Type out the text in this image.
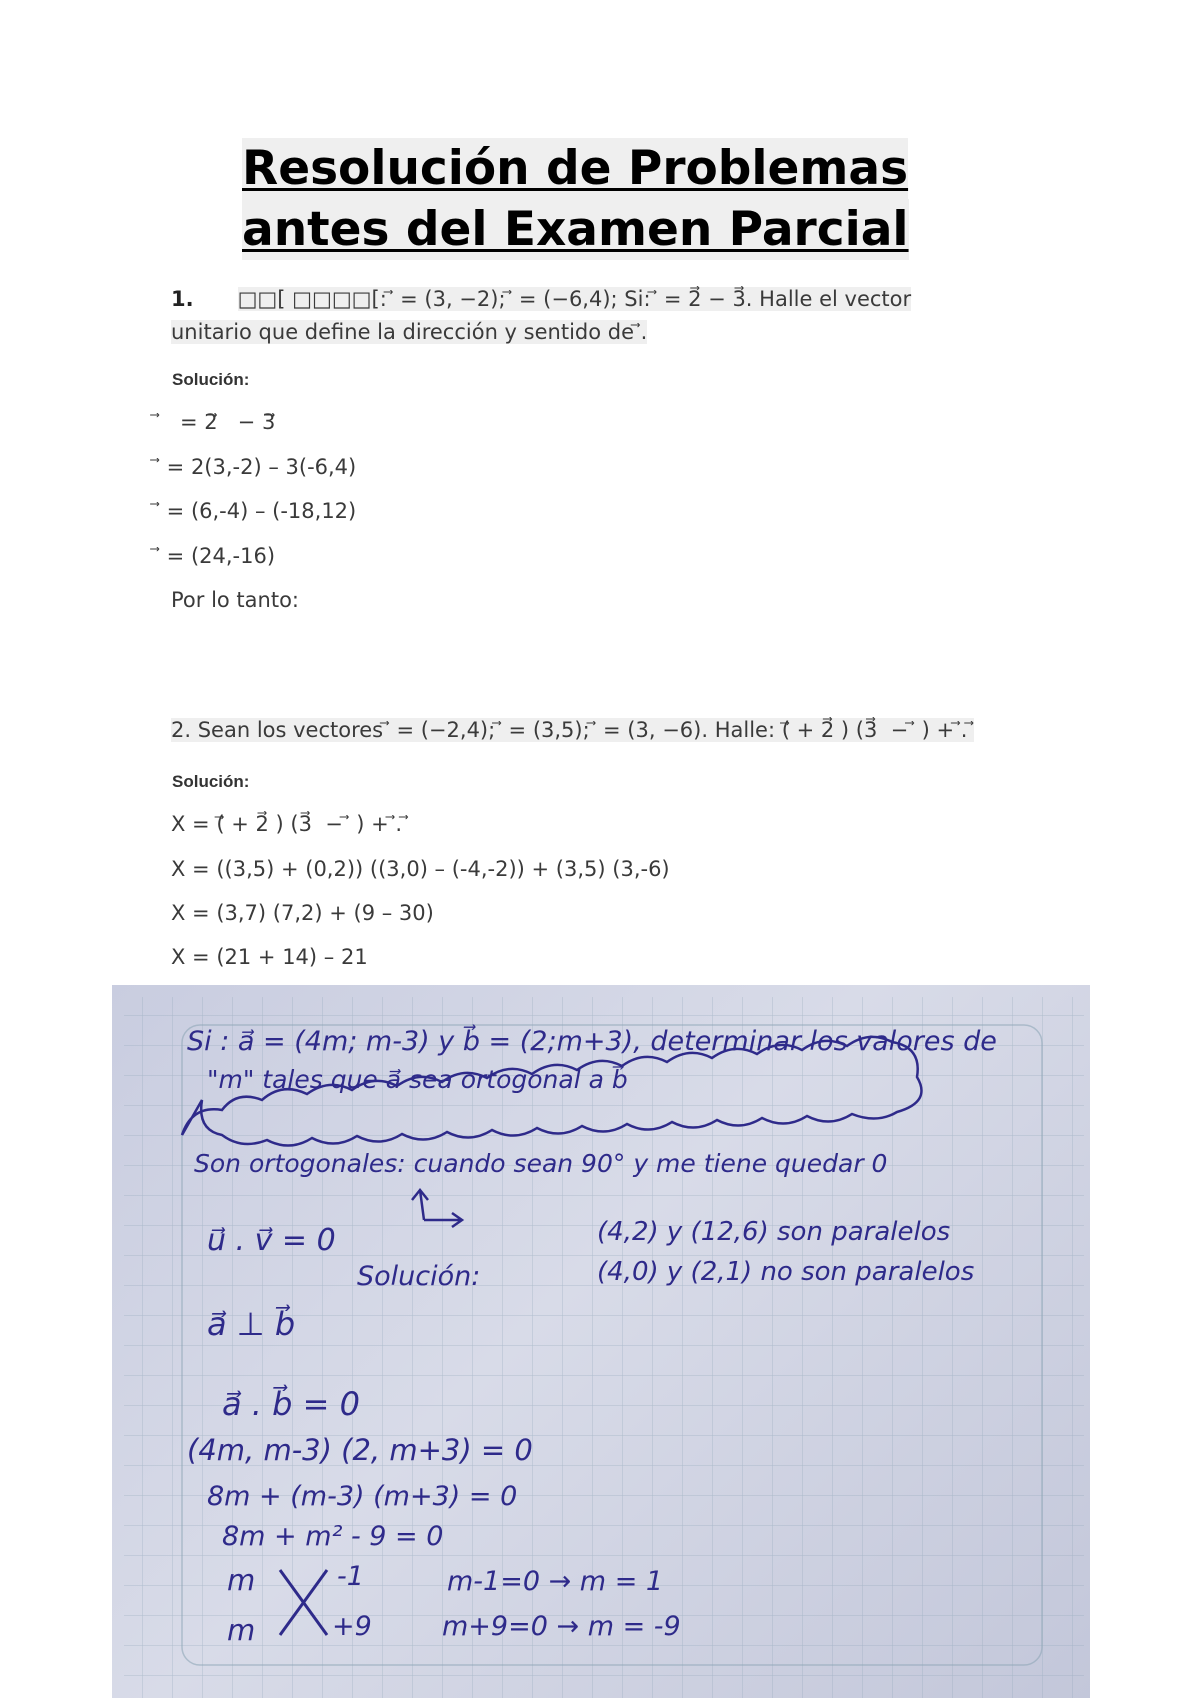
Resolución de Problemas
antes del Examen Parcial
1. □□[ □□□□[: ⃗ = (3, −2); ⃗ = (−6,4); Si: ⃗ = 2⃗ − 3⃗. Halle el vector
unitario que define la dirección y sentido de ⃗.
Solución:
⃗   = 2⃗   − 3⃗
⃗ = 2(3,-2) – 3(-6,4)
⃗ = (6,-4) – (-18,12)
⃗ = (24,-16)
Por lo tanto:
2. Sean los vectores ⃗ = (−2,4); ⃗ = (3,5); ⃗ = (3, −6). Halle: (⃗ + 2⃗ ) (3⃗  − ⃗ ) + ⃗. ⃗
Solución:
X = (⃗ + 2⃗ ) (3⃗  − ⃗ ) + ⃗. ⃗
X = ((3,5) + (0,2)) ((3,0) – (-4,-2)) + (3,5) (3,-6)
X = (3,7) (7,2) + (9 – 30)
X = (21 + 14) – 21
Si : a⃗ = (4m; m-3) y b⃗ = (2;m+3), determinar los valores de
"m" tales que a⃗ sea ortogonal a b⃗
Son ortogonales: cuando sean 90° y me tiene quedar 0
u⃗ . v⃗ = 0
Solución:
(4,2) y (12,6) son paralelos
(4,0) y (2,1) no son paralelos
a⃗ ⊥ b⃗
a⃗ . b⃗ = 0
(4m, m-3) (2, m+3) = 0
8m + (m-3) (m+3) = 0
8m + m² - 9 = 0
m	-1
m	+9
m-1=0 → m = 1
m+9=0 → m = -9
